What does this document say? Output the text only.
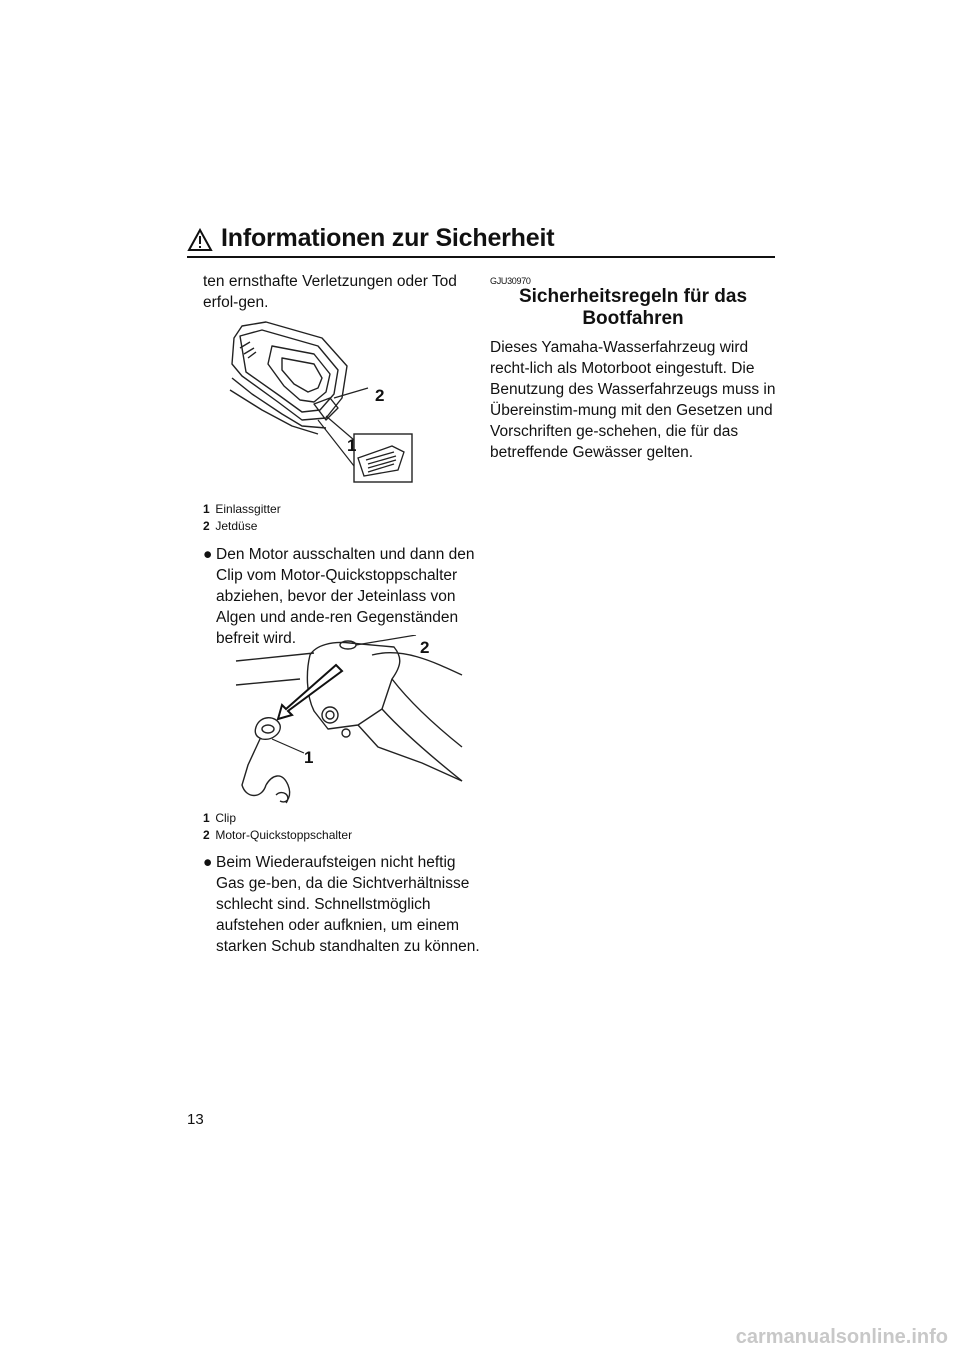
Informationen zur Sicherheit

ten ernsthafte Verletzungen oder Tod erfol-gen.

2
1
1 Einlassgitter
2 Jetdüse
● Den Motor ausschalten und dann den Clip vom Motor-Quickstoppschalter abziehen, bevor der Jeteinlass von Algen und ande-ren Gegenständen befreit wird.

1
2
1 Clip
2 Motor-Quickstoppschalter
● Beim Wiederaufsteigen nicht heftig Gas ge-ben, da die Sichtverhältnisse schlecht sind. Schnellstmöglich aufstehen oder aufknien, um einem starken Schub standhalten zu können.

GJU30970

Sicherheitsregeln für das

Bootfahren

Dieses Yamaha-Wasserfahrzeug wird recht-lich als Motorboot eingestuft. Die Benutzung des Wasserfahrzeugs muss in Übereinstim-mung mit den Gesetzen und Vorschriften ge-schehen, die für das betreffende Gewässer gelten.

13
carmanualsonline.info
